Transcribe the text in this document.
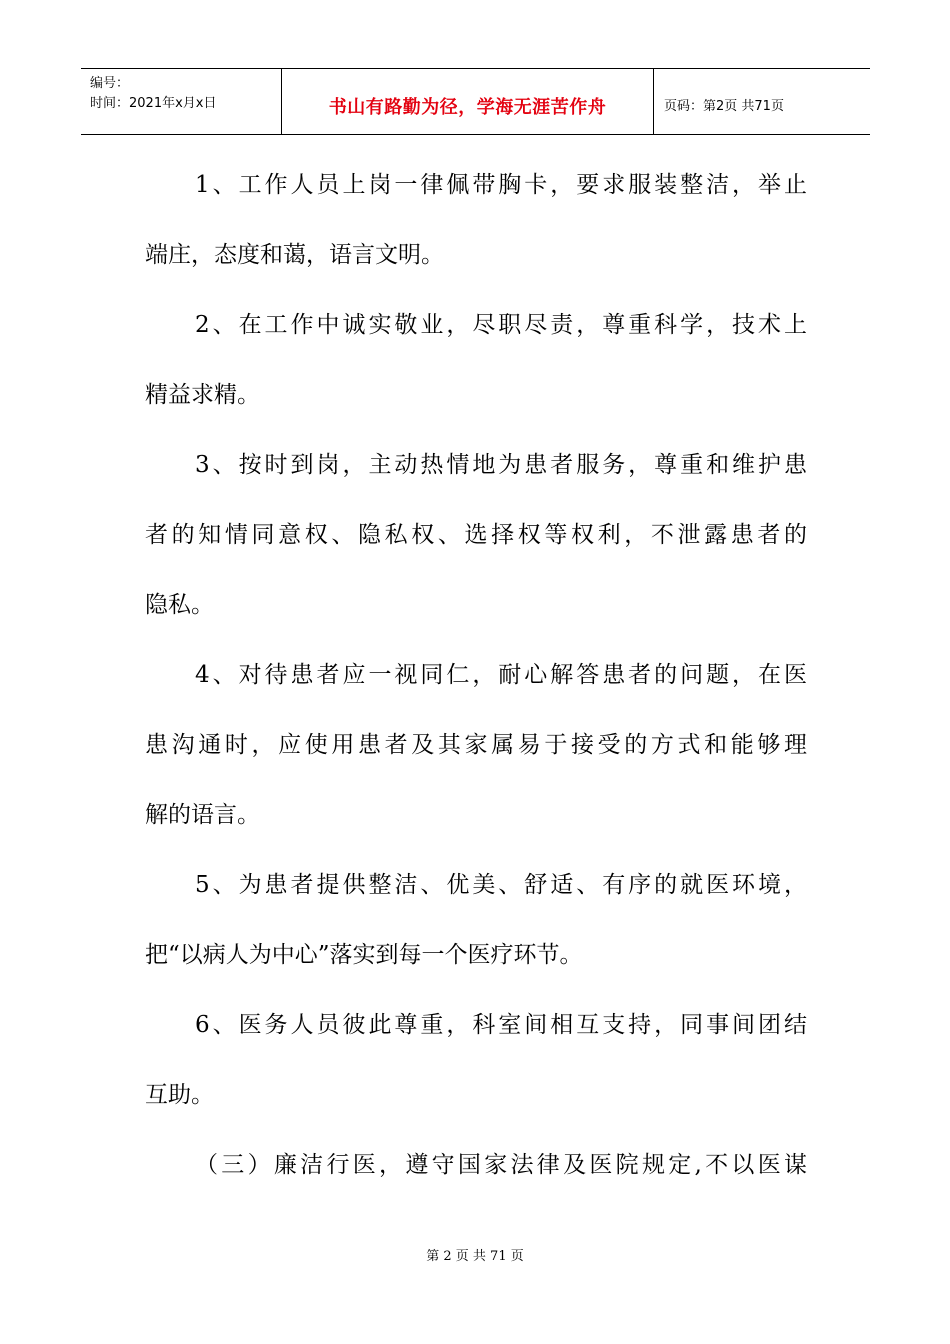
编号：
时间：2021年x月x日	书山有路勤为径，学海无涯苦作舟	页码：第2页 共71页
1、工作人员上岗一律佩带胸卡，要求服装整洁，举止
端庄，态度和蔼，语言文明。
2、在工作中诚实敬业，尽职尽责，尊重科学，技术上
精益求精。
3、按时到岗，主动热情地为患者服务，尊重和维护患
者的知情同意权、隐私权、选择权等权利，不泄露患者的
隐私。
4、对待患者应一视同仁，耐心解答患者的问题，在医
患沟通时，应使用患者及其家属易于接受的方式和能够理
解的语言。
5、为患者提供整洁、优美、舒适、有序的就医环境，
把“以病人为中心”落实到每一个医疗环节。
6、医务人员彼此尊重，科室间相互支持，同事间团结
互助。
（三）廉洁行医，遵守国家法律及医院规定,不以医谋
第 2 页 共 71 页
